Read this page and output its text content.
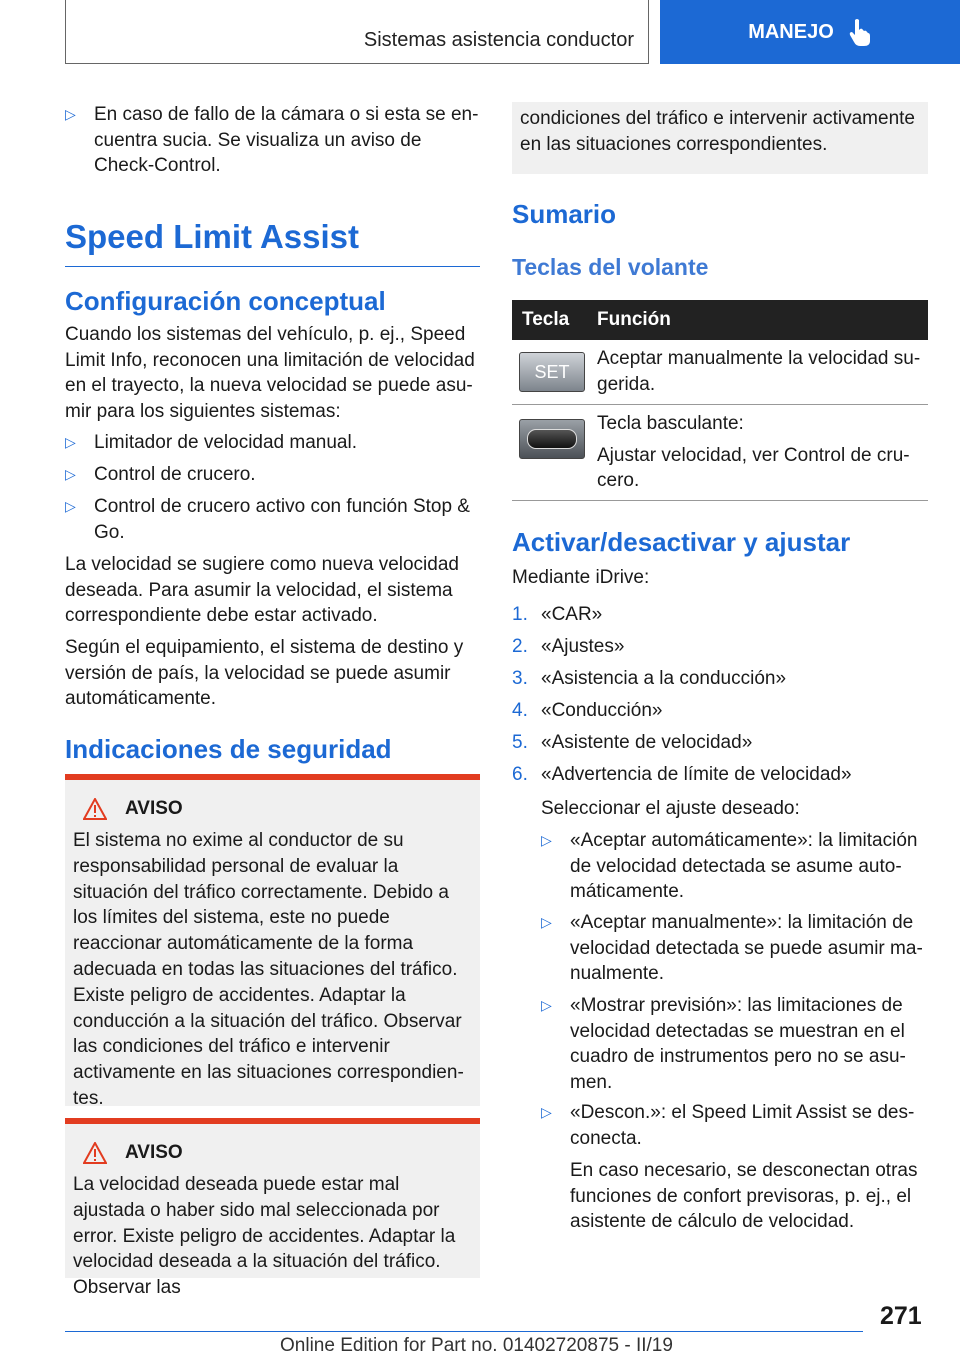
Sistemas asistencia conductor	MANEJO
▷ En caso de fallo de la cámara o si esta se encuentra sucia. Se visualiza un aviso de Check-Control.
Speed Limit Assist
Configuración conceptual

Cuando los sistemas del vehículo, p. ej., Speed Limit Info, reconocen una limitación de velocidad en el trayecto, la nueva velocidad se puede asumir para los siguientes sistemas:

▷ Limitador de velocidad manual.
▷ Control de crucero.
▷ Control de crucero activo con función Stop & Go.

La velocidad se sugiere como nueva velocidad deseada. Para asumir la velocidad, el sistema correspondiente debe estar activado.

Según el equipamiento, el sistema de destino y versión de país, la velocidad se puede asumir automáticamente.

Indicaciones de seguridad
AVISO
El sistema no exime al conductor de su responsabilidad personal de evaluar la situación del tráfico correctamente. Debido a los límites del sistema, este no puede reaccionar automáticamente de la forma adecuada en todas las situaciones del tráfico. Existe peligro de accidentes. Adaptar la conducción a la situación del tráfico. Observar las condiciones del tráfico e intervenir activamente en las situaciones correspondientes.
AVISO
La velocidad deseada puede estar mal ajustada o haber sido mal seleccionada por error. Existe peligro de accidentes. Adaptar la velocidad deseada a la situación del tráfico. Observar las
condiciones del tráfico e intervenir activamente en las situaciones correspondientes.
Sumario
Teclas del volante
Tecla	Función
SET
Aceptar manualmente la velocidad sugerida.
Tecla basculante:
Ajustar velocidad, ver Control de crucero.
Activar/desactivar y ajustar

Mediante iDrive:

1. «CAR»
2. «Ajustes»
3. «Asistencia a la conducción»
4. «Conducción»
5. «Asistente de velocidad»
6. «Advertencia de límite de velocidad»

Seleccionar el ajuste deseado:

▷ «Aceptar automáticamente»: la limitación de velocidad detectada se asume automáticamente.
▷ «Aceptar manualmente»: la limitación de velocidad detectada se puede asumir manualmente.
▷ «Mostrar previsión»: las limitaciones de velocidad detectadas se muestran en el cuadro de instrumentos pero no se asumen.
▷ «Descon.»: el Speed Limit Assist se desconecta.

En caso necesario, se desconectan otras funciones de confort previsoras, p. ej., el asistente de cálculo de velocidad.

271
Online Edition for Part no. 01402720875 - II/19
